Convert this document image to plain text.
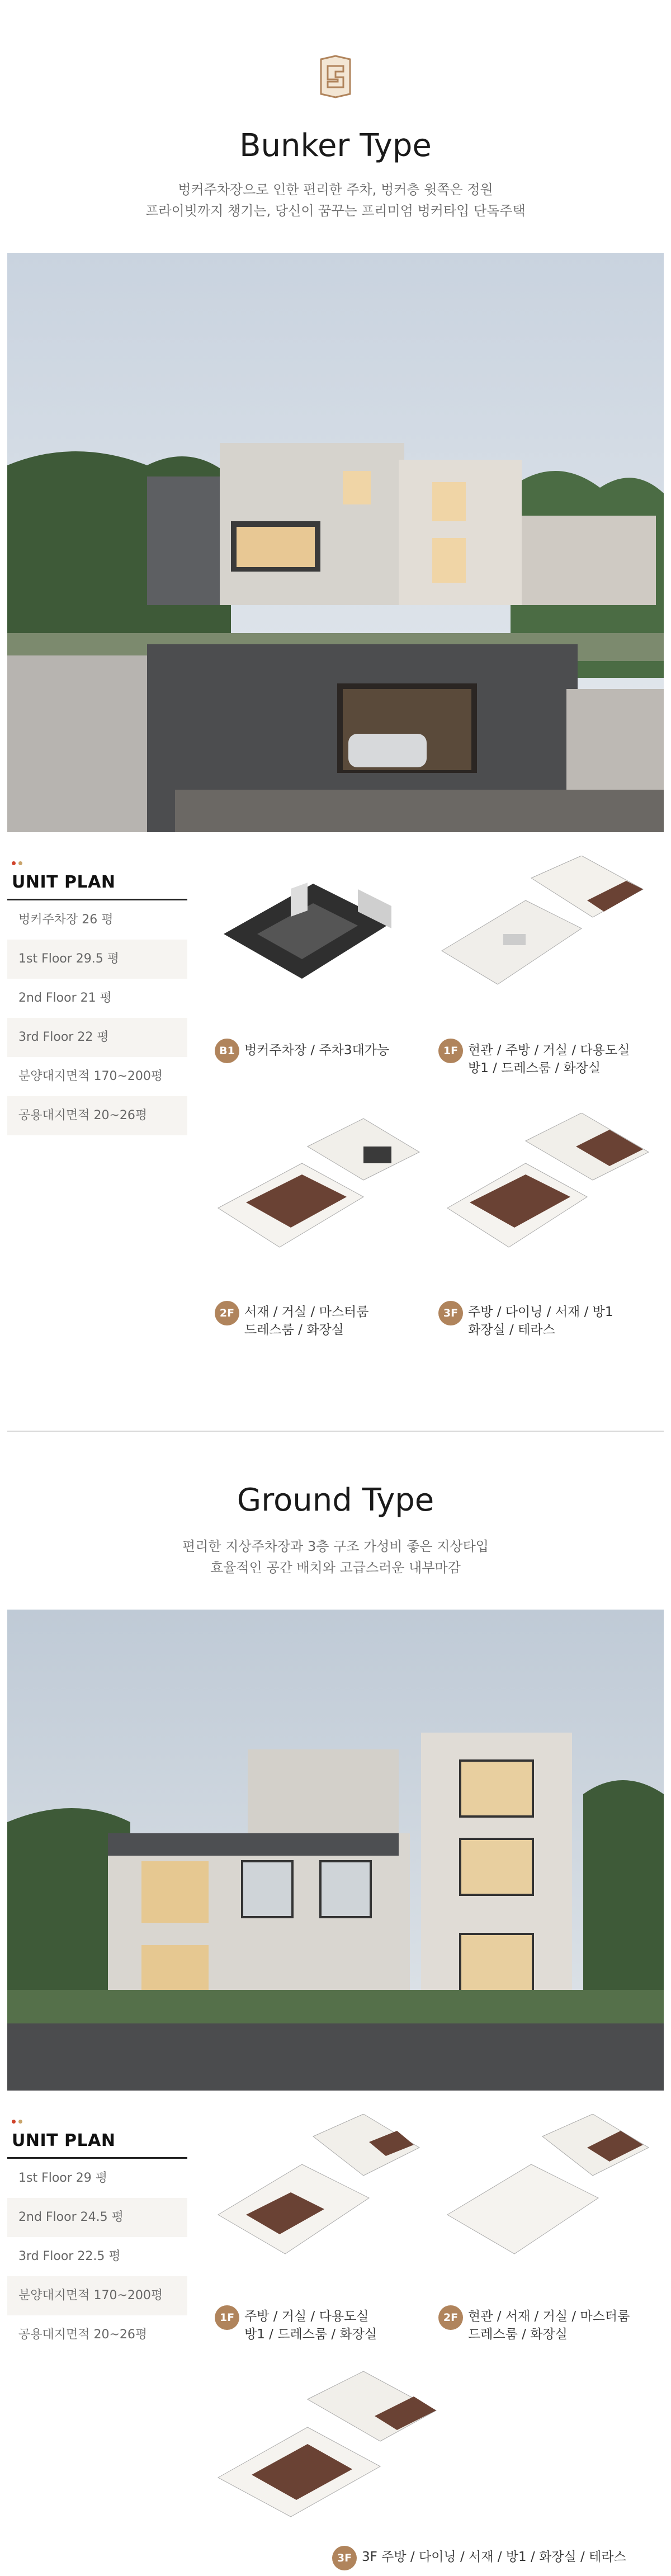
Bunker Type
벙커주차장으로 인한 편리한 주차, 벙커층 윗쪽은 정원
프라이빗까지 챙기는, 당신이 꿈꾸는 프리미엄 벙커타입 단독주택
UNIT PLAN
벙커주차장 26 평
1st Floor 29.5 평
2nd Floor 21 평
3rd Floor 22 평
분양대지면적 170~200평
공용대지면적 20~26평
B1 벙커주차장 / 주차3대가능	1F 현관 / 주방 / 거실 / 다용도실
방1 / 드레스룸 / 화장실
2F 서재 / 거실 / 마스터룸
드레스룸 / 화장실
3F 주방 / 다이닝 / 서재 / 방1
화장실 / 테라스
Ground Type
편리한 지상주차장과 3층 구조 가성비 좋은 지상타입
효율적인 공간 배치와 고급스러운 내부마감
UNIT PLAN
1st Floor 29 평
2nd Floor 24.5 평
3rd Floor 22.5 평
분양대지면적 170~200평
공용대지면적 20~26평
1F 주방 / 거실 / 다용도실
방1 / 드레스룸 / 화장실
2F 현관 / 서재 / 거실 / 마스터룸
드레스룸 / 화장실
3F 3F 주방 / 다이닝 / 서재 / 방1 / 화장실 / 테라스
